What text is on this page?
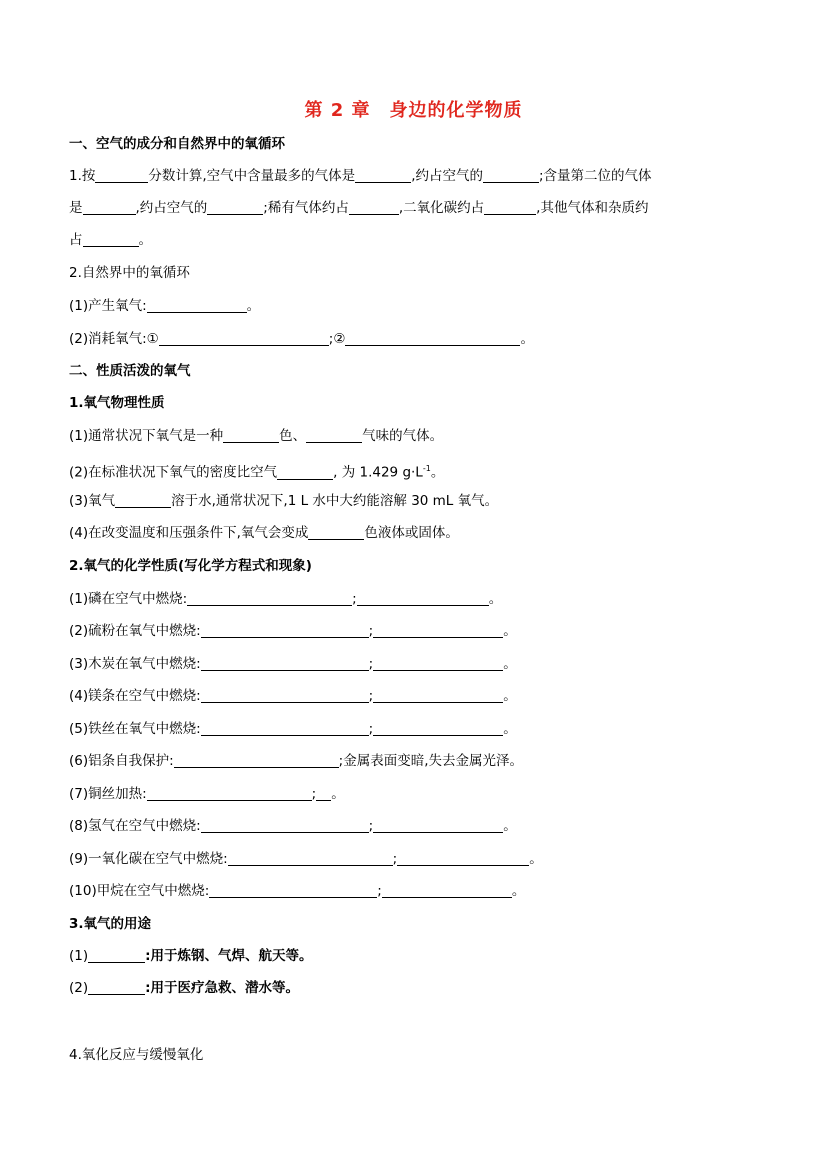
第 2 章　身边的化学物质
一、空气的成分和自然界中的氧循环
1.按	分数计算,空气中含量最多的气体是	,约占空气的	;含量第二位的气体
是	,约占空气的	;稀有气体约占	,二氧化碳约占	,其他气体和杂质约
占	。
2.自然界中的氧循环
(1)产生氧气:	。
(2)消耗氧气:①	;②	。
二、性质活泼的氧气
1.氧气物理性质
(1)通常状况下氧气是一种	色、	气味的气体。
(2)在标准状况下氧气的密度比空气	, 为 1.429 $g\cdot L^{-1}$。
(3)氧气	溶于水,通常状况下,1 L 水中大约能溶解 30 mL 氧气。
(4)在改变温度和压强条件下,氧气会变成	色液体或固体。
2.氧气的化学性质(写化学方程式和现象)
(1)磷在空气中燃烧:	;	。
(2)硫粉在氧气中燃烧:	;	。
(3)木炭在氧气中燃烧:	;	。
(4)镁条在空气中燃烧:	;	。
(5)铁丝在氧气中燃烧:	;	。
(6)铝条自我保护:	;金属表面变暗,失去金属光泽。
(7)铜丝加热:	; 。
(8)氢气在空气中燃烧:	;	。
(9)一氧化碳在空气中燃烧:	;	。
(10)甲烷在空气中燃烧:	;	。
3.氧气的用途
(1)	:用于炼钢、气焊、航天等。
(2)	:用于医疗急救、潜水等。
4.氧化反应与缓慢氧化
